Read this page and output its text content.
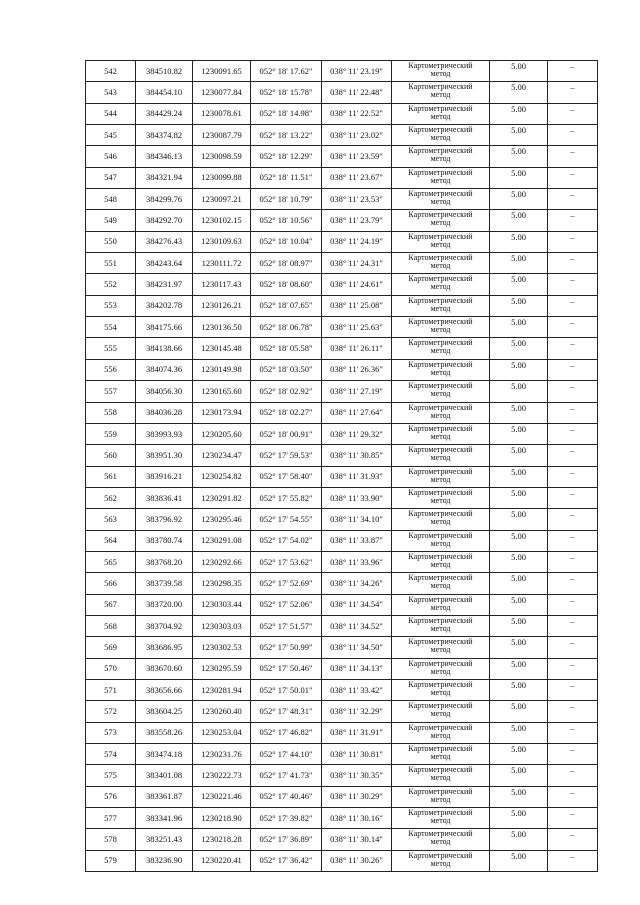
542	384510.82	1230091.65	052° 18' 17.62"	038° 11' 23.19"	Картометрический
метод	5.00	–
543	384454.10	1230077.84	052° 18' 15.78"	038° 11' 22.48"	Картометрический
метод	5.00	–
544	384429.24	1230078.61	052° 18' 14.98"	038° 11' 22.52"	Картометрический
метод	5.00	–
545	384374.82	1230087.79	052° 18' 13.22"	038° 11' 23.02"	Картометрический
метод	5.00	–
546	384346.13	1230098.59	052° 18' 12.29"	038° 11' 23.59"	Картометрический
метод	5.00	–
547	384321.94	1230099.88	052° 18' 11.51"	038° 11' 23.67"	Картометрический
метод	5.00	–
548	384299.76	1230097.21	052° 18' 10.79"	038° 11' 23.53"	Картометрический
метод	5.00	–
549	384292.70	1230102.15	052° 18' 10.56"	038° 11' 23.79"	Картометрический
метод	5.00	–
550	384276.43	1230109.63	052° 18' 10.04"	038° 11' 24.19"	Картометрический
метод	5.00	–
551	384243.64	1230111.72	052° 18' 08.97"	038° 11' 24.31"	Картометрический
метод	5.00	–
552	384231.97	1230117.43	052° 18' 08.60"	038° 11' 24.61"	Картометрический
метод	5.00	–
553	384202.78	1230126.21	052° 18' 07.65"	038° 11' 25.08"	Картометрический
метод	5.00	–
554	384175.66	1230136.50	052° 18' 06.78"	038° 11' 25.63"	Картометрический
метод	5.00	–
555	384138.66	1230145.48	052° 18' 05.58"	038° 11' 26.11"	Картометрический
метод	5.00	–
556	384074.36	1230149.98	052° 18' 03.50"	038° 11' 26.36"	Картометрический
метод	5.00	–
557	384056.30	1230165.60	052° 18' 02.92"	038° 11' 27.19"	Картометрический
метод	5.00	–
558	384036.28	1230173.94	052° 18' 02.27"	038° 11' 27.64"	Картометрический
метод	5.00	–
559	383993.93	1230205.60	052° 18' 00.91"	038° 11' 29.32"	Картометрический
метод	5.00	–
560	383951.30	1230234.47	052° 17' 59.53"	038° 11' 30.85"	Картометрический
метод	5.00	–
561	383916.21	1230254.82	052° 17' 58.40"	038° 11' 31.93"	Картометрический
метод	5.00	–
562	383836.41	1230291.82	052° 17' 55.82"	038° 11' 33.90"	Картометрический
метод	5.00	–
563	383796.92	1230295.46	052° 17' 54.55"	038° 11' 34.10"	Картометрический
метод	5.00	–
564	383780.74	1230291.08	052° 17' 54.02"	038° 11' 33.87"	Картометрический
метод	5.00	–
565	383768.20	1230292.66	052° 17' 53.62"	038° 11' 33.96"	Картометрический
метод	5.00	–
566	383739.58	1230298.35	052° 17' 52.69"	038° 11' 34.26"	Картометрический
метод	5.00	–
567	383720.00	1230303.44	052° 17' 52.06"	038° 11' 34.54"	Картометрический
метод	5.00	–
568	383704.92	1230303.03	052° 17' 51.57"	038° 11' 34.52"	Картометрический
метод	5.00	–
569	383686.95	1230302.53	052° 17' 50.99"	038° 11' 34.50"	Картометрический
метод	5.00	–
570	383670.60	1230295.59	052° 17' 50.46"	038° 11' 34.13"	Картометрический
метод	5.00	–
571	383656.66	1230281.94	052° 17' 50.01"	038° 11' 33.42"	Картометрический
метод	5.00	–
572	383604.25	1230260.40	052° 17' 48.31"	038° 11' 32.29"	Картометрический
метод	5.00	–
573	383558.26	1230253.04	052° 17' 46.82"	038° 11' 31.91"	Картометрический
метод	5.00	–
574	383474.18	1230231.76	052° 17' 44.10"	038° 11' 30.81"	Картометрический
метод	5.00	–
575	383401.08	1230222.73	052° 17' 41.73"	038° 11' 30.35"	Картометрический
метод	5.00	–
576	383361.87	1230221.46	052° 17' 40.46"	038° 11' 30.29"	Картометрический
метод	5.00	–
577	383341.96	1230218.90	052° 17' 39.82"	038° 11' 30.16"	Картометрический
метод	5.00	–
578	383251.43	1230218.28	052° 17' 36.89"	038° 11' 30.14"	Картометрический
метод	5.00	–
579	383236.90	1230220.41	052° 17' 36.42"	038° 11' 30.26"	Картометрический
метод	5.00	–
